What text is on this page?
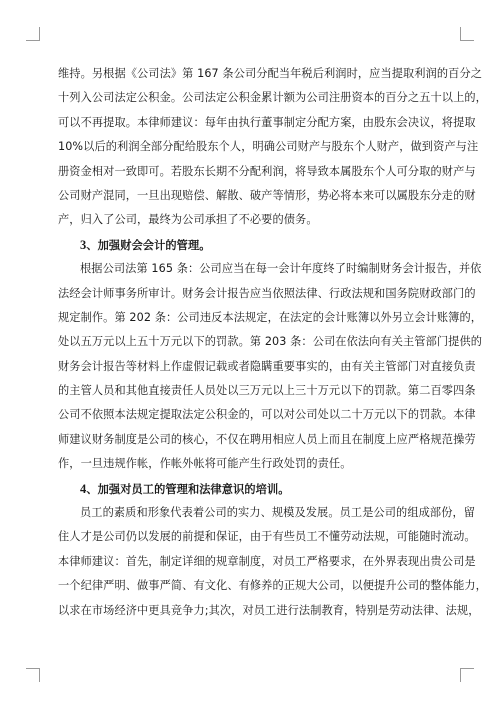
维持。另根据《公司法》第 167 条公司分配当年税后利润时，应当提取利润的百分之
十列入公司法定公积金。公司法定公积金累计额为公司注册资本的百分之五十以上的，
可以不再提取。本律师建议：每年由执行董事制定分配方案，由股东会决议，将提取
10%以后的利润全部分配给股东个人，明确公司财产与股东个人财产，做到资产与注
册资金相对一致即可。若股东长期不分配利润，将导致本属股东个人可分取的财产与
公司财产混同，一旦出现赔偿、解散、破产等情形，势必将本来可以属股东分走的财
产，归入了公司，最终为公司承担了不必要的债务。
3、加强财会会计的管理。
根据公司法第 165 条：公司应当在每一会计年度终了时编制财务会计报告，并依
法经会计师事务所审计。财务会计报告应当依照法律、行政法规和国务院财政部门的
规定制作。第 202 条：公司违反本法规定，在法定的会计账簿以外另立会计账簿的，
处以五万元以上五十万元以下的罚款。第 203 条：公司在依法向有关主管部门提供的
财务会计报告等材料上作虚假记载或者隐瞒重要事实的，由有关主管部门对直接负责
的主管人员和其他直接责任人员处以三万元以上三十万元以下的罚款。第二百零四条
公司不依照本法规定提取法定公积金的，可以对公司处以二十万元以下的罚款。本律
师建议财务制度是公司的核心，不仅在聘用相应人员上而且在制度上应严格规范操劳
作，一旦违规作帐，作帐外帐将可能产生行政处罚的责任。
4、加强对员工的管理和法律意识的培训。
员工的素质和形象代表着公司的实力、规模及发展。员工是公司的组成部份，留
住人才是公司仍以发展的前提和保证，由于有些员工不懂劳动法规，可能随时流动。
本律师建议：首先，制定详细的规章制度，对员工严格要求，在外界表现出贵公司是
一个纪律严明、做事严简、有文化、有修养的正规大公司，以便提升公司的整体能力，
以求在市场经济中更具竞争力;其次，对员工进行法制教育，特别是劳动法律、法规，
